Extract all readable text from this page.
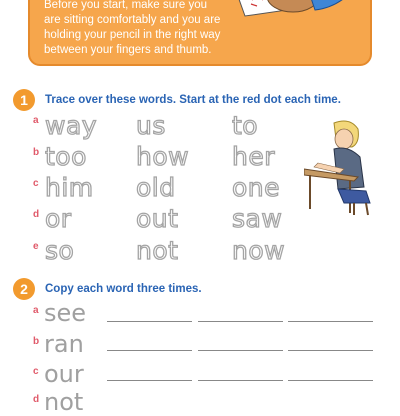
Before you start, make sure you
are sitting comfortably and you are
holding your pencil in the right way
between your fingers and thumb.
1	Trace over these words. Start at the red dot each time.
a way us	to
b too how her
c him old one
d or	out saw
e so not now
2	Copy each word three times.
a see
b ran
c our
d not
